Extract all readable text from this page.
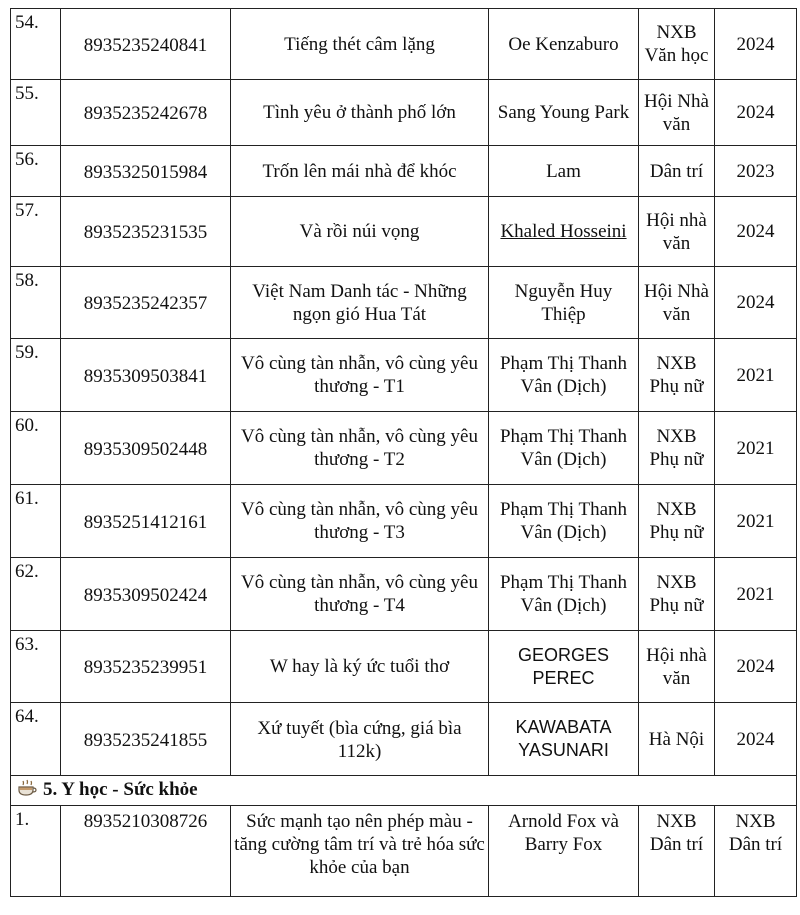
54.	8935235240841	Tiếng thét câm lặng	Oe Kenzaburo	NXB Văn học	2024
55.	8935235242678	Tình yêu ở thành phố lớn	Sang Young Park	Hội Nhà văn	2024
56.	8935325015984	Trốn lên mái nhà để khóc	Lam	Dân trí	2023
57.	8935235231535	Và rồi núi vọng	Khaled Hosseini	Hội nhà văn	2024
58.	8935235242357	Việt Nam Danh tác - Những ngọn gió Hua Tát	Nguyễn Huy Thiệp	Hội Nhà văn	2024
59.	8935309503841	Vô cùng tàn nhẫn, vô cùng yêu thương - T1	Phạm Thị Thanh Vân (Dịch)	NXB Phụ nữ	2021
60.	8935309502448	Vô cùng tàn nhẫn, vô cùng yêu thương - T2	Phạm Thị Thanh Vân (Dịch)	NXB Phụ nữ	2021
61.	8935251412161	Vô cùng tàn nhẫn, vô cùng yêu thương - T3	Phạm Thị Thanh Vân (Dịch)	NXB Phụ nữ	2021
62.	8935309502424	Vô cùng tàn nhẫn, vô cùng yêu thương - T4	Phạm Thị Thanh Vân (Dịch)	NXB Phụ nữ	2021
63.	8935235239951	W hay là ký ức tuổi thơ	GEORGES PEREC	Hội nhà văn	2024
64.	8935235241855	Xứ tuyết (bìa cứng, giá bìa 112k)	KAWABATA YASUNARI	Hà Nội	2024
5. Y học - Sức khỏe					
1.	8935210308726	Sức mạnh tạo nên phép màu - tăng cường tâm trí và trẻ hóa sức khỏe của bạn	Arnold Fox và Barry Fox	NXB Dân trí	NXB Dân trí
